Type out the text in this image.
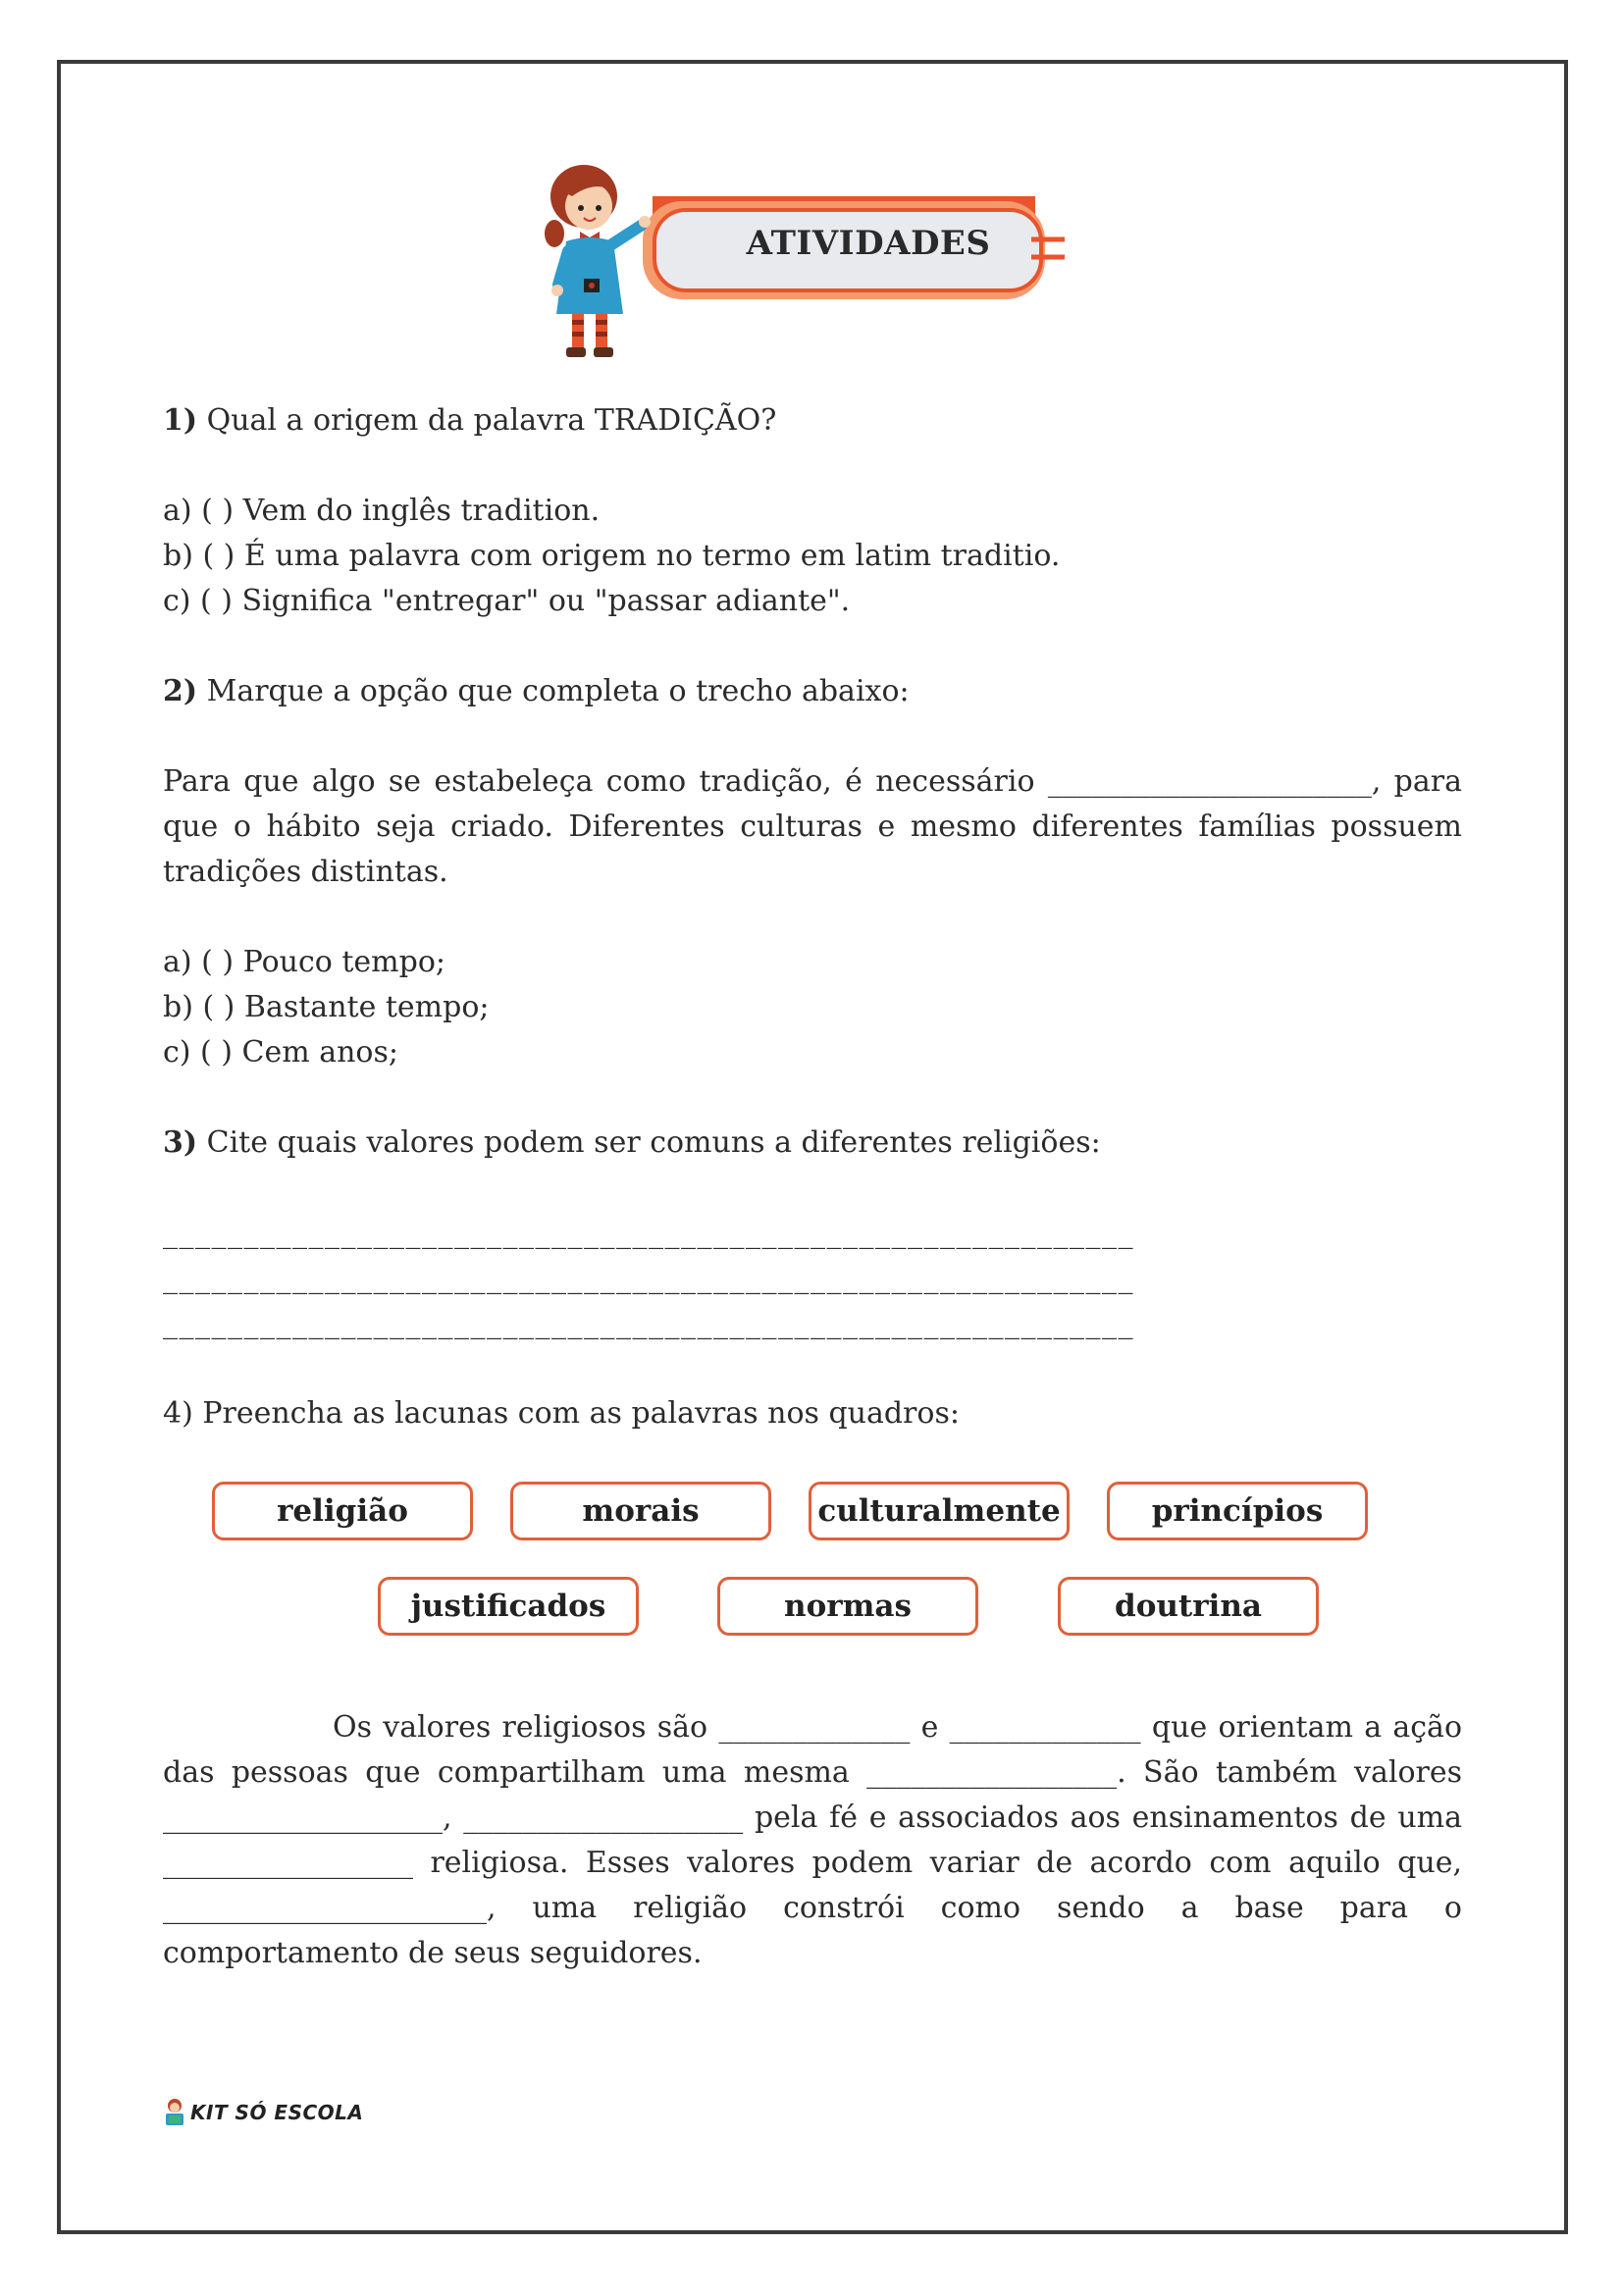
ATIVIDADES

1) Qual a origem da palavra TRADIÇÃO?

a) ( ) Vem do inglês tradition.

b) ( ) É uma palavra com origem no termo em latim traditio.

c) ( ) Significa "entregar" ou "passar adiante".

2) Marque a opção que completa o trecho abaixo:

Para que algo se estabeleça como tradição, é necessário ______________________, para que o hábito seja criado. Diferentes culturas e mesmo diferentes famílias possuem tradições distintas.

a) ( ) Pouco tempo;

b) ( ) Bastante tempo;

c) ( ) Cem anos;

3) Cite quais valores podem ser comuns a diferentes religiões:

____________________________________________________________

____________________________________________________________

____________________________________________________________

4) Preencha as lacunas com as palavras nos quadros:

religião	morais	culturalmente	princípios
justificados	normas	doutrina

Os valores religiosos são _____________ e _____________ que orientam a ação das pessoas que compartilham uma mesma _________________. São também valores ___________________, ___________________ pela fé e associados aos ensinamentos de uma _________________ religiosa. Esses valores podem variar de acordo com aquilo que, ______________________, uma religião constrói como sendo a base para o comportamento de seus seguidores.

KIT SÓ ESCOLA
